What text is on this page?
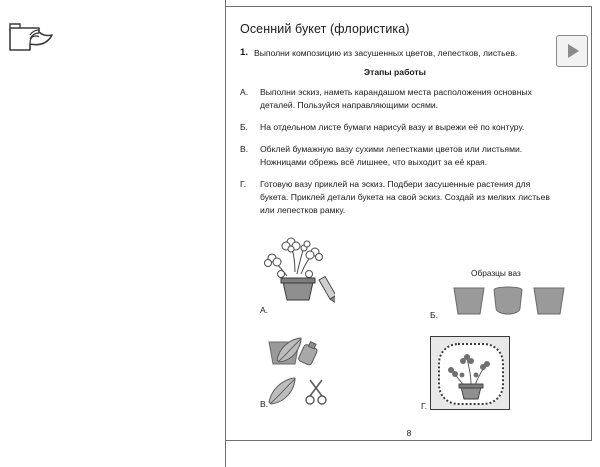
Осенний букет (флористика)
1. Выполни композицию из засушенных цветов, лепестков, листьев.
Этапы работы
А. Выполни эскиз, наметь карандашом места расположения основных деталей. Пользуйся направляющими осями.
Б. На отдельном листе бумаги нарисуй вазу и вырежи её по контуру.
В. Обклей бумажную вазу сухими лепестками цветов или листьями. Ножницами обрежь всё лишнее, что выходит за её края.
Г. Готовую вазу приклей на эскиз. Подбери засушенные растения для букета. Приклей детали букета на свой эскиз. Создай из мелких листьев или лепестков рамку.
А.
Образцы ваз
Б.
В.	Г.
8
